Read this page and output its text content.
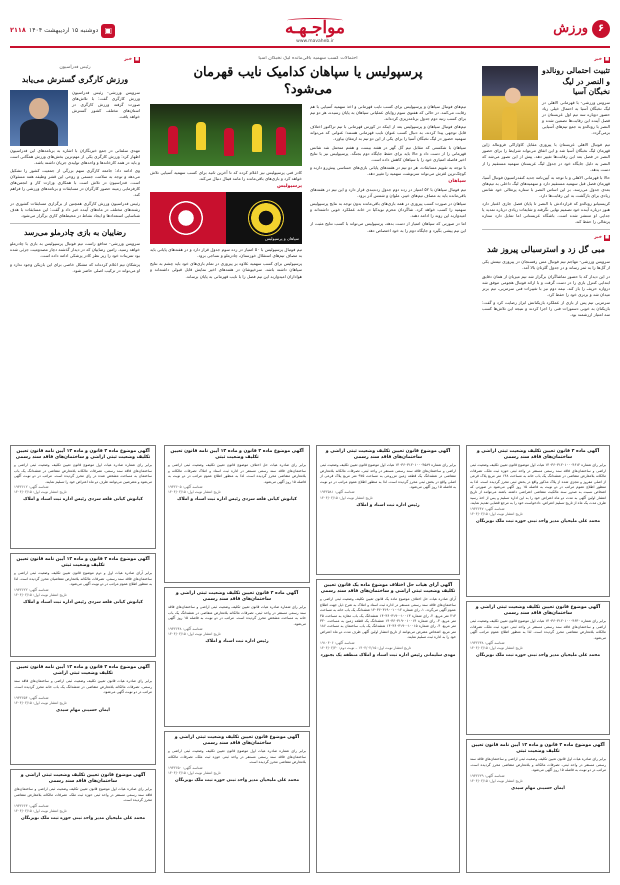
۶
ورزش
مواجـهـه
www.mavaheb.ir
▣
دوشنبه ۱۵ اردیبهشت ۱۴۰۴
۲۱۱۸
■
خبر
تثبیت احتمالی رونالدو و النصر در لیگ نخبگان آسیا
سروس ورزشی- با قهرمانی الاهلی در لیگ نخبگان آسیا به احتمال خیلی زیاد حضور دوباره سه تیم اول عربستان در فصل آینده این رقابت‌ها تضمین شده و النصر با رونالدو به جمع تیم‌های آسیایی برمی‌گردد.
تیم فوتبال الاهلی عربستان با پیروزی مقابل کاوازاکی فرونتاله ژاپن قهرمان لیگ نخبگان آسیا شد و این اتفاق می‌تواند شرایط را برای حضور النصر در فصل بعد این رقابت‌ها تغییر دهد. پیش از این تصور می‌شد که النصر به دلیل جایگاه خود در جدول لیگ عربستان سهمیه مستقیم را از دست بدهد.
حالا با قهرمانی الاهلی و با توجه به آیین‌نامه جدید کنفدراسیون فوتبال آسیا، قهرمان فصل قبل سهمیه مستقیم دارد و سهمیه‌های لیگ داخلی به تیم‌های بعدی جدول می‌رسد. بر این اساس النصر با ستاره پرتغالی خود شانس زیادی برای بازگشت به این رقابت‌ها دارد.
کریستیانو رونالدو که قراردادش با النصر تا پایان فصل جاری اعتبار دارد هنوز درباره آینده خود تصمیم نهایی نگرفته و شایعات زیادی درباره تمدید یا جدایی او منتشر شده است. باشگاه عربستانی اما تمایل دارد ستاره پرتغالی را حفظ کند.
■
خبر
مبی گل زد و استرسبالی پیروز شد
سرویس ورزشی- مهاجم تیم فوتبال مس رفسنجان در پیروزی تیمش یکی از گل‌ها را به ثمر رساند و در جدول گلزنان بالا آمد.
در این دیدار که با حضور تماشاگران برگزار شد تیم میزبان از همان دقایق ابتدایی کنترل بازی را در دست گرفت و با ارائه فوتبال هجومی موفق شد دروازه حریف را باز کند. نیمه دوم نیز با تغییرات فنی سرمربی، تیم برتر میدان شد و برتری خود را حفظ کرد.
سرمربی تیم پس از بازی از عملکرد بازیکنانش ابراز رضایت کرد و گفت: بازیکنان به خوبی دستورات فنی را اجرا کردند و نتیجه این تلاش‌ها کسب سه امتیاز ارزشمند بود.
احتمالات کسب سهمیه باقی‌مانده لیگ نخبگان آسیا
پرسپولیس یا سپاهان کدامیک نایب قهرمان می‌شود؟
تیم‌های فوتبال سپاهان و پرسپولیس برای کسب نایب قهرمانی و اخذ سهمیه آسیایی با هم رقابت می‌کنند. در حالی که هفتوی سوم زوایای عملیاتی سپاهان به پایان رسیده، هر دو تیم برای کسب رتبه دوم جدول برنامه‌ریزی کرده‌اند.
تیم‌های فوتبال سپاهان و پرسپولیس بعد از اینکه در کورس قهرمانی با تیم تراکتور اختلاف قابل توجهی پیدا کردند، به دنبال کسب عنوان نایب قهرمانی هستند؛ عنوانی که می‌تواند سهمیه حضور در لیگ نخبگان آسیا را برای یکی از این دو تیم به ارمغان بیاورد.
سپاهان با شکستی که مقابل تیم گل گهر در هفته بیست و هفتم متحمل شد شانس قهرمانی را از دست داد و حالا باید برای حفظ جایگاه دوم بجنگد. پرسپولیس نیز با نتایج اخیر فاصله امتیازی خود را با سپاهان کاهش داده است.
با توجه به تقویم مسابقات، هر دو تیم در هفته‌های پایانی بازی‌های حساسی پیش‌رو دارند و کوچک‌ترین لغزش می‌تواند سرنوشت سهمیه را تغییر دهد.
سپاهان
تیم فوتبال سپاهان با ۵۲ امتیاز در رده دوم جدول رده‌بندی قرار دارد و این تیم در هفته‌های باقی‌مانده باید به مصاف تیم‌های خیبر، ملوان و شمس آذر برود.
سپاهان در صورت کسب پیروزی در همه بازی‌های باقی‌مانده بدون توجه به نتایج پرسپولیس سهمیه را کسب خواهد کرد. شاگردان محرم نویدکیا در خانه عملکرد خوبی داشته‌اند و امیدوارند این روند را ادامه دهند.
اما در صورتی که سپاهان امتیاز از دست بدهد، پرسپولیس می‌تواند با کسب نتایج مثبت از این تیم پیشی بگیرد و جایگاه دوم را به خود اختصاص دهد.
کادر فنی پرسپولیس نیز اعلام کرده که تا آخرین ثانیه برای کسب سهمیه آسیایی تلاش خواهد کرد و بازی‌های باقی‌مانده را مانند فینال دنبال می‌کند.
پرسپولیس
سپاهان و پرسپولیس
تیم فوتبال پرسپولیس با ۵۰ امتیاز در رده سوم جدول قرار دارد و در هفته‌های پایانی باید به مصاف تیم‌های استقلال خوزستان، چادرملو و نساجی برود.
پرسپولیس برای کسب سهمیه علاوه بر پیروزی در تمام بازی‌های خود باید چشم به نتایج سپاهان داشته باشد. سرخپوشان در هفته‌های اخیر نمایش قابل قبولی داشته‌اند و هواداران امیدوارند این تیم فصل را با نایب قهرمانی به پایان برساند.
■
خبر
رئیس فدراسیون
ورزش کارگری گسترش می‌یابد
سرویس ورزشی- رئیس فدراسیون ورزش کارگری گفت: با تلاش‌های صورت گرفته ورزش کارگری در استان‌های مختلف کشور گسترش خواهد یافت.
مهدی سلمانی در جمع خبرنگاران با اشاره به برنامه‌های این فدراسیون اظهار کرد: ورزش کارگری یکی از مهم‌ترین بخش‌های ورزش همگانی است و باید در همه کارخانه‌ها و واحدهای تولیدی جریان داشته باشد.
وی ادامه داد: جامعه کارگری سهم بزرگی از جمعیت کشور را تشکیل می‌دهد و توجه به سلامت جسمی و روحی این قشر وظیفه همه مسئولان است. فدراسیون در تلاش است با همکاری وزارت کار و انجمن‌های کارفرمایی زمینه حضور کارگران در مسابقات و برنامه‌های ورزشی را فراهم کند.
رئیس فدراسیون ورزش کارگری همچنین از برگزاری مسابقات کشوری در رشته‌های مختلف در ماه‌های آینده خبر داد و گفت: این مسابقات با هدف شناسایی استعدادها و ایجاد نشاط در محیط‌های کاری برگزار می‌شود.
رضاییان به بازی چادرملو می‌رسد
سرویس ورزشی- مدافع راست تیم فوتبال پرسپولیس به بازی با چادرملو خواهد رسید. رامین رضاییان که در دیدار گذشته دچار مصدومیت جزئی شده بود تمرینات خود را زیر نظر کادر پزشکی ادامه داده است.
پزشکان تیم اعلام کرده‌اند که مشکل خاصی برای این بازیکن وجود ندارد و او می‌تواند در ترکیب اصلی حاضر شود.
آگهی ماده ۳ قانون تعیین تکلیف وضعیت ثبتی اراضی و ساختمان‌های فاقد سند رسمی
برابر رای شماره ۱۴۰۳۶۰۳۱۲۰۱۰۰۰۴۶۱۲ هیات اول موضوع قانون تعیین تکلیف وضعیت ثبتی اراضی و ساختمان‌های فاقد سند رسمی مستقر در واحد ثبتی حوزه ثبت ملک، تصرفات مالکانه بلامعارض متقاضی در ششدانگ یک باب خانه به مساحت ۱۴۸ متر مربع پلاک فرعی از اصلی مفروز و مجزی شده از پلاک مذکور واقع در بخش ثبتی محرز گردیده است. لذا به منظور اطلاع عموم مراتب در دو نوبت به فاصله ۱۵ روز آگهی می‌شود در صورتی که اشخاص نسبت به صدور سند مالکیت متقاضی اعتراضی داشته باشند می‌توانند از تاریخ انتشار اولین آگهی به مدت دو ماه اعتراض خود را به این اداره تسلیم و پس از اخذ رسید ظرف مدت یک ماه از تاریخ تسلیم اعتراض، دادخواست خود را به مرجع قضایی تقدیم نمایند.
شناسه آگهی: ۱۹۳۲۶۴۷
تاریخ انتشار نوبت اول: ۱۴۰۴/۰۲/۱۵
محمد علی ملیحیان مدیر واحد ثبتی حوزه ثبت ملک نوبرنگان
آگهی موضوع قانون تعیین تکلیف وضعیت ثبتی اراضی و ساختمان‌های فاقد سند رسمی
برابر رای شماره ۱۴۰۳۶۰۳۱۲۰۱۰۰۰۴۶۳۰ هیات اول موضوع قانون تعیین تکلیف وضعیت ثبتی اراضی و ساختمان‌های فاقد سند رسمی مستقر در واحد ثبتی حوزه ثبت ملک، تصرفات مالکانه بلامعارض متقاضی محرز گردیده است. لذا به منظور اطلاع عموم مراتب آگهی می‌شود.
شناسه آگهی: ۱۹۳۲۶۳۸
تاریخ انتشار نوبت اول: ۱۴۰۴/۰۲/۱۵
محمد علی ملیحیان مدیر واحد ثبتی حوزه ثبت ملک نوبرنگان
آگهی موضوع ماده ۳ قانون و ماده ۱۳ آیین نامه قانون تعیین تکلیف وضعیت ثبتی
برابر رای صادره هیات اول قانون تعیین تکلیف وضعیت ثبتی اراضی و ساختمان‌های فاقد سند رسمی مستقر در واحد ثبتی، تصرفات مالکانه و بلامعارض متقاضی محرز گردیده است. مراتب در دو نوبت به فاصله ۱۵ روز آگهی می‌شود.
شناسه آگهی: ۱۹۳۲۶۲۹
تاریخ انتشار نوبت اول: ۱۴۰۴/۰۲/۱۵
ایمان حسینی مهام سیدی
آگهی موضوع قانون تعیین تکلیف وضعیت ثبتی اراضی و ساختمان‌های فاقد سند رسمی
برابر رای شماره ۱۴۰۳۶۰۳۱۲۰۱۰۰۰۴۵۸۹ هیات اول موضوع قانون تعیین تکلیف وضعیت ثبتی اراضی و ساختمان‌های فاقد سند رسمی مستقر در واحد ثبتی، تصرفات مالکانه بلامعارض متقاضی در ششدانگ یک قطعه زمین مزروعی به مساحت ۹۷۵ متر مربع پلاک فرعی از اصلی واقع در بخش ثبتی محرز گردیده است. لذا به منظور اطلاع عموم مراتب در دو نوبت به فاصله ۱۵ روز آگهی می‌شود.
شناسه آگهی: ۱۹۳۲۵۸۱
تاریخ انتشار نوبت اول: ۱۴۰۴/۰۲/۱۵
رئیس اداره ثبت اسناد و املاک
آگهی آرای هیات حل اختلاف موضوع ماده یک قانون تعیین تکلیف وضعیت ثبتی اراضی و ساختمان‌های فاقد سند رسمی
آرای صادره هیات حل اختلاف موضوع ماده یک قانون تعیین تکلیف وضعیت ثبتی اراضی و ساختمان‌های فاقد سند رسمی مستقر در اداره ثبت اسناد و املاک به شرح ذیل جهت اطلاع عموم آگهی می‌گردد. ۱- رای شماره ۱۴۰۳۶۰۳۱۹۰۰۱۰۰۱۲ ششدانگ یک باب خانه به مساحت ۲۱۴ متر مربع. ۲- رای شماره ۱۴۰۳۶۰۳۱۹۰۰۱۰۰۱۳ ششدانگ یک باب مغازه به مساحت ۴۵ متر مربع. ۳- رای شماره ۱۴۰۳۶۰۳۱۹۰۰۱۰۰۱۴ ششدانگ یک قطعه زمین به مساحت ۳۲۰ متر مربع. ۴- رای شماره ۱۴۰۳۶۰۳۱۹۰۰۱۰۰۱۵ ششدانگ یک باب ساختمان به مساحت ۱۸۶ متر مربع. اشخاص معترض می‌توانند از تاریخ انتشار اولین آگهی ظرف مدت دو ماه اعتراض خود را به اداره ثبت تسلیم نمایند.
شناسه آگهی: ۱۹۱۰۴۰۶
تاریخ انتشار نوبت اول: ۱۴۰۴/۰۲/۱۵ – نوبت دوم: ۱۴۰۴/۰۲/۳۰
مهدی سلیمانی رئیس اداره ثبت اسناد و املاک منطقه یک بجنورد
آگهی موضوع ماده ۳ قانون و ماده ۱۳ آیین نامه قانون تعیین تکلیف وضعیت ثبتی
برابر رای صادره هیات حل اختلاف موضوع قانون تعیین تکلیف وضعیت ثبتی اراضی و ساختمان‌های فاقد سند رسمی مستقر در اداره ثبت اسناد و املاک تصرفات مالکانه و بلامعارض متقاضی محرز گردیده است. لذا به منظور اطلاع عموم مراتب در دو نوبت به فاصله ۱۵ روز آگهی می‌شود.
شناسه آگهی: ۱۹۳۲۶۰۵
تاریخ انتشار نوبت اول: ۱۴۰۴/۰۲/۱۵
کیانوش کیانی قلعه سردی رئیس اداره ثبت اسناد و املاک
آگهی ماده ۳ قانون تعیین تکلیف وضعیت ثبتی اراضی و ساختمان‌های فاقد سند رسمی
برابر رای شماره صادره هیات قانون تعیین تکلیف وضعیت ثبتی اراضی و ساختمان‌های فاقد سند رسمی مستقر در واحد ثبتی، تصرفات مالکانه بلامعارض متقاضی در ششدانگ یک باب خانه به مساحت مشخص محرز گردیده است. مراتب در دو نوبت به فاصله ۱۵ روز آگهی می‌شود.
شناسه آگهی: ۱۹۳۲۶۴۸
تاریخ انتشار نوبت اول: ۱۴۰۴/۰۲/۱۵
رئیس اداره ثبت اسناد و املاک
آگهی موضوع قانون تعیین تکلیف وضعیت ثبتی اراضی و ساختمان‌های فاقد سند رسمی
برابر رای شماره صادره هیات اول موضوع قانون تعیین تکلیف وضعیت ثبتی اراضی و ساختمان‌های فاقد سند رسمی مستقر در واحد ثبتی حوزه ثبت ملک، تصرفات مالکانه بلامعارض متقاضی محرز گردیده است.
شناسه آگهی: ۱۹۳۲۶۵۰
تاریخ انتشار نوبت اول: ۱۴۰۴/۰۲/۱۵
محمد علی ملیحیان مدیر واحد ثبتی حوزه ثبت ملک نوبرنگان
آگهی موضوع ماده ۳ قانون و ماده ۱۳ آیین نامه قانون تعیین تکلیف وضعیت ثبتی اراضی و ساختمان‌های فاقد سند رسمی
برابر رای شماره صادره هیات اول موضوع قانون تعیین تکلیف وضعیت ثبتی اراضی و ساختمان‌های فاقد سند رسمی، تصرفات مالکانه بلامعارض متقاضی در ششدانگ یک باب ساختمان به مساحت مشخص شده در رای محرز گردیده است. مراتب در دو نوبت آگهی می‌شود و معترضین می‌توانند ظرف دو ماه اعتراض خود را تسلیم نمایند.
شناسه آگهی: ۱۹۳۲۶۱۲
تاریخ انتشار نوبت اول: ۱۴۰۴/۰۲/۱۵
کیانوش کیانی قلعه سردی رئیس اداره ثبت اسناد و املاک
آگهی موضوع ماده ۳ قانون و ماده ۱۳ آیین نامه قانون تعیین تکلیف وضعیت ثبتی
برابر آرای صادره هیات اول و دوم موضوع قانون تعیین تکلیف وضعیت ثبتی اراضی و ساختمان‌های فاقد سند رسمی، تصرفات مالکانه بلامعارض متقاضیان محرز گردیده است. لذا به منظور اطلاع عموم مراتب در دو نوبت آگهی می‌شود.
شناسه آگهی: ۱۹۳۲۶۲۲
تاریخ انتشار نوبت اول: ۱۴۰۴/۰۲/۱۵
کیانوش کیانی قلعه سردی رئیس اداره ثبت اسناد و املاک
آگهی موضوع ماده ۳ قانون و ماده ۱۳ آیین نامه قانون تعیین تکلیف وضعیت ثبتی اراضی
برابر رای صادره هیات قانون تعیین تکلیف وضعیت ثبتی اراضی و ساختمان‌های فاقد سند رسمی، تصرفات مالکانه بلامعارض متقاضی در ششدانگ یک باب خانه محرز گردیده است. مراتب در دو نوبت آگهی می‌شود.
شناسه آگهی: ۱۹۳۲۶۵۴
تاریخ انتشار نوبت اول: ۱۴۰۴/۰۲/۱۵
ایمان حسینی مهام سیدی
آگهی موضوع قانون تعیین تکلیف وضعیت ثبتی اراضی و ساختمان‌های فاقد سند رسمی
برابر رای صادره هیات اول موضوع قانون تعیین تکلیف وضعیت ثبتی اراضی و ساختمان‌های فاقد سند رسمی مستقر در واحد ثبتی حوزه ثبت ملک، تصرفات مالکانه بلامعارض متقاضی محرز گردیده است.
شناسه آگهی: ۱۹۳۲۶۶۳
تاریخ انتشار نوبت اول: ۱۴۰۴/۰۲/۱۵
محمد علی ملیحیان مدیر واحد ثبتی حوزه ثبت ملک نوبرنگان
